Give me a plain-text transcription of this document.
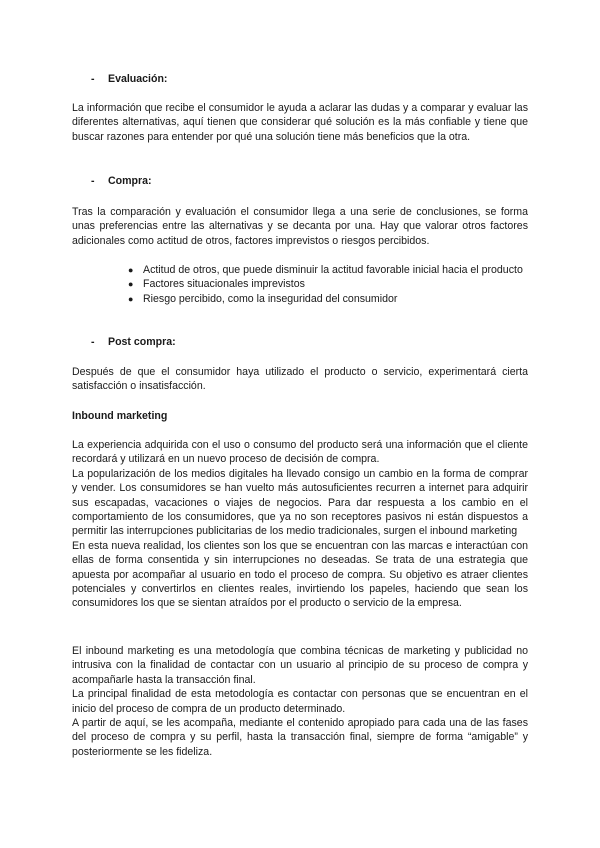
- Evaluación:

La información que recibe el consumidor le ayuda a aclarar las dudas y a comparar y evaluar las diferentes alternativas, aquí tienen que considerar qué solución es la más confiable y tiene que buscar razones para entender por qué una solución tiene más beneficios que la otra.

- Compra:

Tras la comparación y evaluación el consumidor llega a una serie de conclusiones, se forma unas preferencias entre las alternativas y se decanta por una. Hay que valorar otros factores adicionales como actitud de otros, factores imprevistos o riesgos percibidos.

● Actitud de otros, que puede disminuir la actitud favorable inicial hacia el producto
● Factores situacionales imprevistos
● Riesgo percibido, como la inseguridad del consumidor
- Post compra:

Después de que el consumidor haya utilizado el producto o servicio, experimentará cierta satisfacción o insatisfacción.

Inbound marketing

La experiencia adquirida con el uso o consumo del producto será una información que el cliente recordará y utilizará en un nuevo proceso de decisión de compra.

La popularización de los medios digitales ha llevado consigo un cambio en la forma de comprar y vender. Los consumidores se han vuelto más autosuficientes recurren a internet para adquirir sus escapadas, vacaciones o viajes de negocios. Para dar respuesta a los cambio en el comportamiento de los consumidores, que ya no son receptores pasivos ni están dispuestos a permitir las interrupciones publicitarias de los medio tradicionales, surgen el inbound marketing

En esta nueva realidad, los clientes son los que se encuentran con las marcas e interactúan con ellas de forma consentida y sin interrupciones no deseadas. Se trata de una estrategia que apuesta por acompañar al usuario en todo el proceso de compra. Su objetivo es atraer clientes potenciales y convertirlos en clientes reales, invirtiendo los papeles, haciendo que sean los consumidores los que se sientan atraídos por el producto o servicio de la empresa.

El inbound marketing es una metodología que combina técnicas de marketing y publicidad no intrusiva con la finalidad de contactar con un usuario al principio de su proceso de compra y acompañarle hasta la transacción final.

La principal finalidad de esta metodología es contactar con personas que se encuentran en el inicio del proceso de compra de un producto determinado.

A partir de aquí, se les acompaña, mediante el contenido apropiado para cada una de las fases del proceso de compra y su perfil, hasta la transacción final, siempre de forma “amigable” y posteriormente se les fideliza.
